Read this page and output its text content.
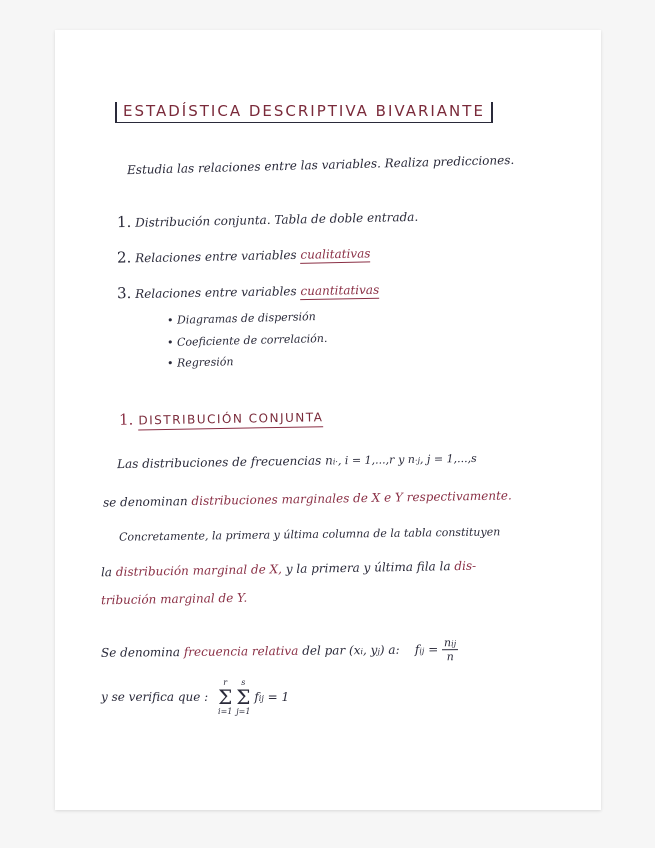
ESTADÍSTICA DESCRIPTIVA BIVARIANTE
Estudia las relaciones entre las variables. Realiza predicciones.
1. Distribución conjunta. Tabla de doble entrada.
2. Relaciones entre variables cualitativas
3. Relaciones entre variables cuantitativas
• Diagramas de dispersión
• Coeficiente de correlación.
• Regresión
1. DISTRIBUCIÓN CONJUNTA
Las distribuciones de frecuencias ni·, i = 1,...,r y n·j, j = 1,...,s
se denominan distribuciones marginales de X e Y respectivamente.
Concretamente, la primera y última columna de la tabla constituyen
la distribución marginal de X, y la primera y última fila la dis-
tribución marginal de Y.
Se denomina frecuencia relativa del par (xi, yj) a: fij = $\frac{\text{nij}}{n}$
y se verifica que :
r
Σ
i=1

s
Σ
j=1
fij = 1
